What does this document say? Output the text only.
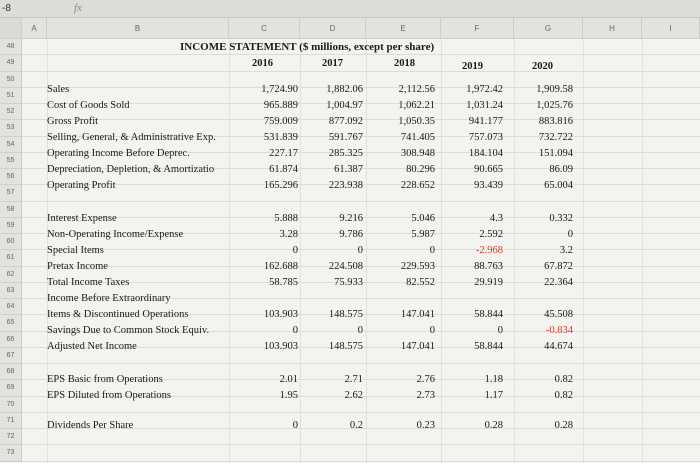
-8	fx
A	B	C	D	E	F	G	H	I
48
49
50
51
52
53
54
55
56
57
58
59
60
61
62
63
64
65
66
67
68
69
70
71
72
73
INCOME STATEMENT ($ millions, except per share)
2016	2017	2018	2019	2020
Sales	1,724.90	1,882.06	2,112.56	1,972.42	1,909.58
Cost of Goods Sold	965.889	1,004.97	1,062.21	1,031.24	1,025.76
Gross Profit	759.009	877.092	1,050.35	941.177	883.816
Selling, General, & Administrative Exp.	531.839	591.767	741.405	757.073	732.722
Operating Income Before Deprec.	227.17	285.325	308.948	184.104	151.094
Depreciation, Depletion, & Amortizatio	61.874	61.387	80.296	90.665	86.09
Operating Profit	165.296	223.938	228.652	93.439	65.004
Interest Expense	5.888	9.216	5.046	4.3	0.332
Non-Operating Income/Expense	3.28	9.786	5.987	2.592	0
Special Items	0	0	0	-2.968	3.2
Pretax Income	162.688	224.508	229.593	88.763	67.872
Total Income Taxes	58.785	75.933	82.552	29.919	22.364
Income Before Extraordinary
Items & Discontinued Operations	103.903	148.575	147.041	58.844	45.508
Savings Due to Common Stock Equiv.	0	0	0	0	-0.834
Adjusted Net Income	103.903	148.575	147.041	58.844	44.674
EPS Basic from Operations	2.01	2.71	2.76	1.18	0.82
EPS Diluted from Operations	1.95	2.62	2.73	1.17	0.82
Dividends Per Share	0	0.2	0.23	0.28	0.28
